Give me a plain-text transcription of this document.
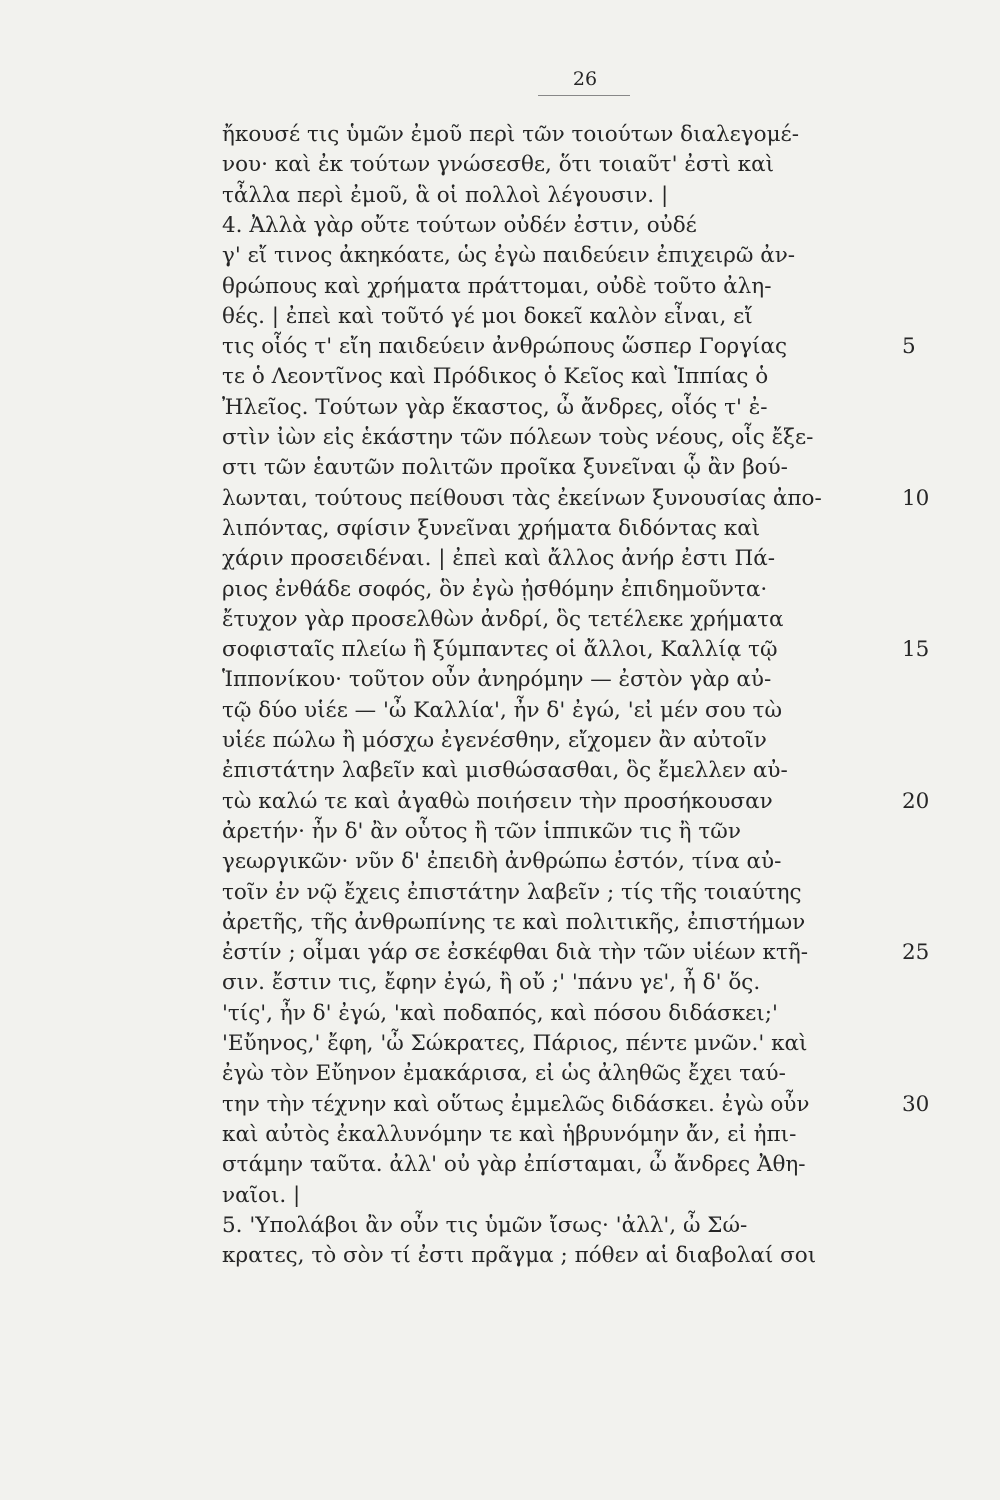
26
ἤκουσέ τις ὑμῶν ἐμοῦ περὶ τῶν τοιούτων διαλεγομέ-
νου· καὶ ἐκ τούτων γνώσεσθε, ὅτι τοιαῦτ' ἐστὶ καὶ
τἆλλα περὶ ἐμοῦ, ἃ οἱ πολλοὶ λέγουσιν. |
4. Ἀλλὰ γὰρ οὔτε τούτων οὐδέν ἐστιν, οὐδέ
γ' εἴ τινος ἀκηκόατε, ὡς ἐγὼ παιδεύειν ἐπιχειρῶ ἀν-
θρώπους καὶ χρήματα πράττομαι, οὐδὲ τοῦτο ἀλη-
θές. | ἐπεὶ καὶ τοῦτό γέ μοι δοκεῖ καλὸν εἶναι, εἴ
τις οἷός τ' εἴη παιδεύειν ἀνθρώπους ὥσπερ Γοργίας
τε ὁ Λεοντῖνος καὶ Πρόδικος ὁ Κεῖος καὶ Ἱππίας ὁ
Ἠλεῖος. Τούτων γὰρ ἕκαστος, ὦ ἄνδρες, οἷός τ' ἐ-
στὶν ἰὼν εἰς ἑκάστην τῶν πόλεων τοὺς νέους, οἷς ἔξε-
στι τῶν ἑαυτῶν πολιτῶν προῖκα ξυνεῖναι ᾧ ἂν βού-
λωνται, τούτους πείθουσι τὰς ἐκείνων ξυνουσίας ἀπο-
λιπόντας, σφίσιν ξυνεῖναι χρήματα διδόντας καὶ
χάριν προσειδέναι. | ἐπεὶ καὶ ἄλλος ἀνήρ ἐστι Πά-
ριος ἐνθάδε σοφός, ὃν ἐγὼ ᾐσθόμην ἐπιδημοῦντα·
ἔτυχον γὰρ προσελθὼν ἀνδρί, ὃς τετέλεκε χρήματα
σοφισταῖς πλείω ἢ ξύμπαντες οἱ ἄλλοι, Καλλίᾳ τῷ
Ἱππονίκου· τοῦτον οὖν ἀνηρόμην — ἐστὸν γὰρ αὐ-
τῷ δύο υἱέε — 'ὦ Καλλία', ἦν δ' ἐγώ, 'εἰ μέν σου τὼ
υἱέε πώλω ἢ μόσχω ἐγενέσθην, εἴχομεν ἂν αὐτοῖν
ἐπιστάτην λαβεῖν καὶ μισθώσασθαι, ὃς ἔμελλεν αὐ-
τὼ καλώ τε καὶ ἀγαθὼ ποιήσειν τὴν προσήκουσαν
ἀρετήν· ἦν δ' ἂν οὗτος ἢ τῶν ἱππικῶν τις ἢ τῶν
γεωργικῶν· νῦν δ' ἐπειδὴ ἀνθρώπω ἐστόν, τίνα αὐ-
τοῖν ἐν νῷ ἔχεις ἐπιστάτην λαβεῖν ; τίς τῆς τοιαύτης
ἀρετῆς, τῆς ἀνθρωπίνης τε καὶ πολιτικῆς, ἐπιστήμων
ἐστίν ; οἶμαι γάρ σε ἐσκέφθαι διὰ τὴν τῶν υἱέων κτῆ-
σιν. ἔστιν τις, ἔφην ἐγώ, ἢ οὔ ;' 'πάνυ γε', ἦ δ' ὅς.
'τίς', ἦν δ' ἐγώ, 'καὶ ποδαπός, καὶ πόσου διδάσκει;'
'Εὔηνος,' ἔφη, 'ὦ Σώκρατες, Πάριος, πέντε μνῶν.' καὶ
ἐγὼ τὸν Εὔηνον ἐμακάρισα, εἰ ὡς ἀληθῶς ἔχει ταύ-
την τὴν τέχνην καὶ οὕτως ἐμμελῶς διδάσκει. ἐγὼ οὖν
καὶ αὐτὸς ἐκαλλυνόμην τε καὶ ἡβρυνόμην ἄν, εἰ ἠπι-
στάμην ταῦτα. ἀλλ' οὐ γὰρ ἐπίσταμαι, ὦ ἄνδρες Ἀθη-
ναῖοι. |
5. 'Υπολάβοι ἂν οὖν τις ὑμῶν ἴσως· 'ἀλλ', ὦ Σώ-
κρατες, τὸ σὸν τί ἐστι πρᾶγμα ; πόθεν αἱ διαβολαί σοι
5
10
15
20
25
30
